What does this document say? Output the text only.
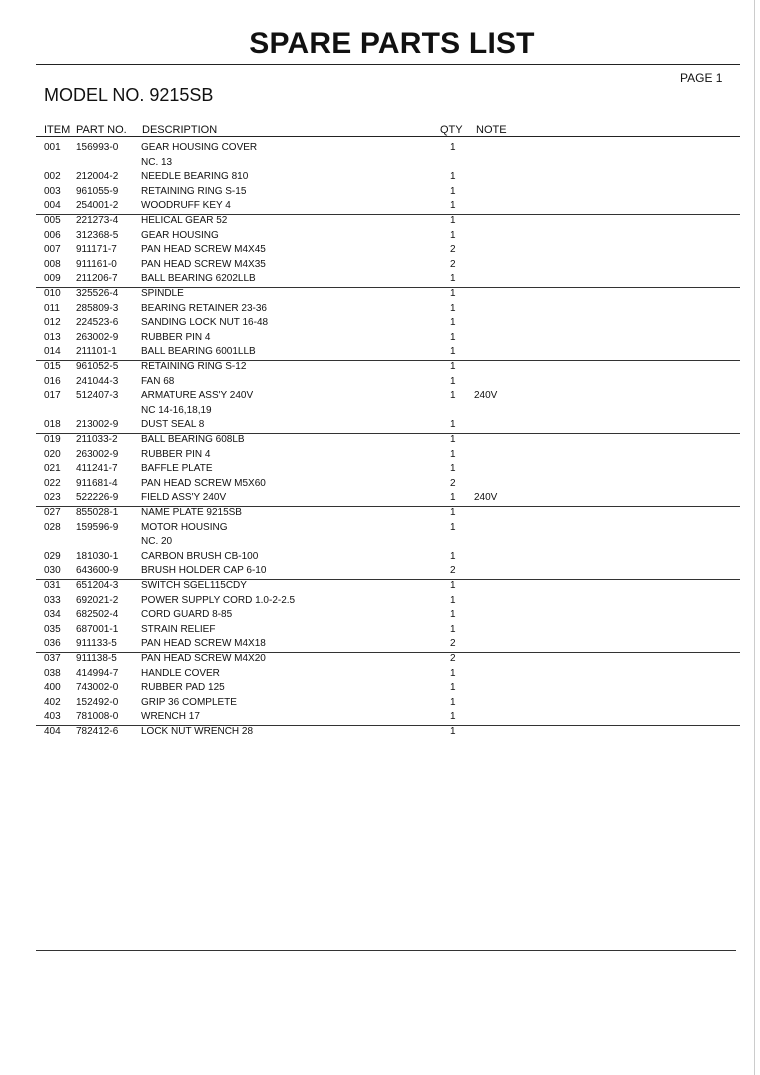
SPARE PARTS LIST
PAGE 1
MODEL NO. 9215SB
ITEM PART NO. DESCRIPTION	QTY NOTE
001 156993-0 GEAR HOUSING COVER	1
NC. 13
002 212004-2 NEEDLE BEARING 810	1
003 961055-9 RETAINING RING S-15	1
004 254001-2 WOODRUFF KEY 4	1
005 221273-4 HELICAL GEAR 52	1
006 312368-5 GEAR HOUSING	1
007 911171-7 PAN HEAD SCREW M4X45	2
008 911161-0 PAN HEAD SCREW M4X35	2
009 211206-7 BALL BEARING 6202LLB	1
010 325526-4 SPINDLE	1
011 285809-3 BEARING RETAINER 23-36	1
012 224523-6 SANDING LOCK NUT 16-48	1
013 263002-9 RUBBER PIN 4	1
014 211101-1 BALL BEARING 6001LLB	1
015 961052-5 RETAINING RING S-12	1
016 241044-3 FAN 68	1
017 512407-3 ARMATURE ASS'Y 240V	1 240V
NC 14-16,18,19
018 213002-9 DUST SEAL 8	1
019 211033-2 BALL BEARING 608LB	1
020 263002-9 RUBBER PIN 4	1
021 411241-7 BAFFLE PLATE	1
022 911681-4 PAN HEAD SCREW M5X60	2
023 522226-9 FIELD ASS'Y 240V	1 240V
027 855028-1 NAME PLATE 9215SB	1
028 159596-9 MOTOR HOUSING	1
NC. 20
029 181030-1 CARBON BRUSH CB-100	1
030 643600-9 BRUSH HOLDER CAP 6-10	2
031 651204-3 SWITCH SGEL115CDY	1
033 692021-2 POWER SUPPLY CORD 1.0-2-2.5	1
034 682502-4 CORD GUARD 8-85	1
035 687001-1 STRAIN RELIEF	1
036 911133-5 PAN HEAD SCREW M4X18	2
037 911138-5 PAN HEAD SCREW M4X20	2
038 414994-7 HANDLE COVER	1
400 743002-0 RUBBER PAD 125	1
402 152492-0 GRIP 36 COMPLETE	1
403 781008-0 WRENCH 17	1
404 782412-6 LOCK NUT WRENCH 28	1
